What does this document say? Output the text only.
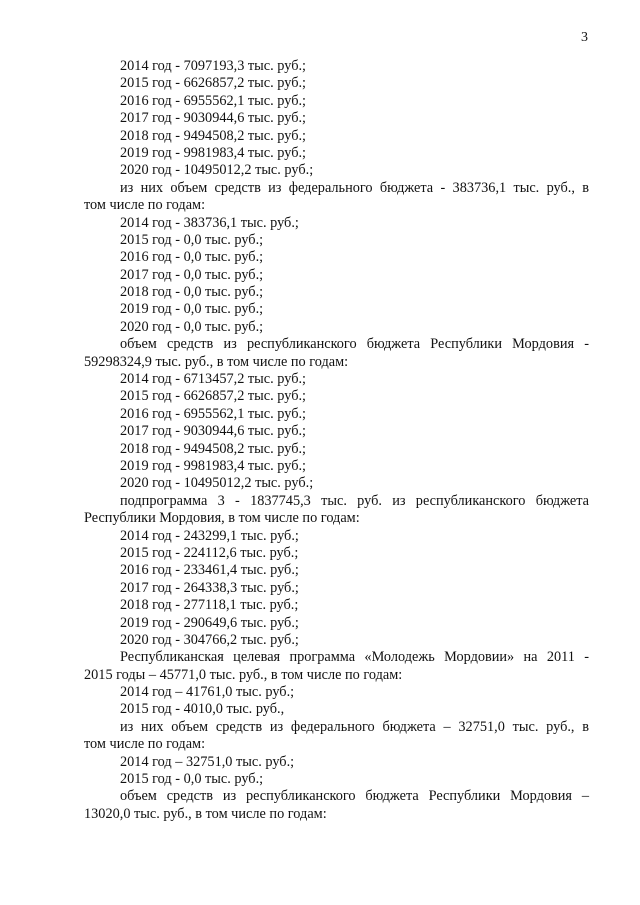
3
2014 год - 7097193,3 тыс. руб.;
2015 год - 6626857,2 тыс. руб.;
2016 год - 6955562,1 тыс. руб.;
2017 год - 9030944,6 тыс. руб.;
2018 год - 9494508,2 тыс. руб.;
2019 год - 9981983,4 тыс. руб.;
2020 год - 10495012,2 тыс. руб.;
из них объем средств из федерального бюджета - 383736,1 тыс. руб., в
том числе по годам:
2014 год - 383736,1 тыс. руб.;
2015 год - 0,0 тыс. руб.;
2016 год - 0,0 тыс. руб.;
2017 год - 0,0 тыс. руб.;
2018 год - 0,0 тыс. руб.;
2019 год - 0,0 тыс. руб.;
2020 год - 0,0 тыс. руб.;
объем средств из республиканского бюджета Республики Мордовия -
59298324,9 тыс. руб., в том числе по годам:
2014 год - 6713457,2 тыс. руб.;
2015 год - 6626857,2 тыс. руб.;
2016 год - 6955562,1 тыс. руб.;
2017 год - 9030944,6 тыс. руб.;
2018 год - 9494508,2 тыс. руб.;
2019 год - 9981983,4 тыс. руб.;
2020 год - 10495012,2 тыс. руб.;
подпрограмма 3 - 1837745,3 тыс. руб. из республиканского бюджета
Республики Мордовия, в том числе по годам:
2014 год - 243299,1 тыс. руб.;
2015 год - 224112,6 тыс. руб.;
2016 год - 233461,4 тыс. руб.;
2017 год - 264338,3 тыс. руб.;
2018 год - 277118,1 тыс. руб.;
2019 год - 290649,6 тыс. руб.;
2020 год - 304766,2 тыс. руб.;
Республиканская целевая программа «Молодежь Мордовии» на 2011 -
2015 годы – 45771,0 тыс. руб., в том числе по годам:
2014 год – 41761,0 тыс. руб.;
2015 год - 4010,0 тыс. руб.,
из них объем средств из федерального бюджета – 32751,0 тыс. руб., в
том числе по годам:
2014 год – 32751,0 тыс. руб.;
2015 год - 0,0 тыс. руб.;
объем средств из республиканского бюджета Республики Мордовия –
13020,0 тыс. руб., в том числе по годам:
